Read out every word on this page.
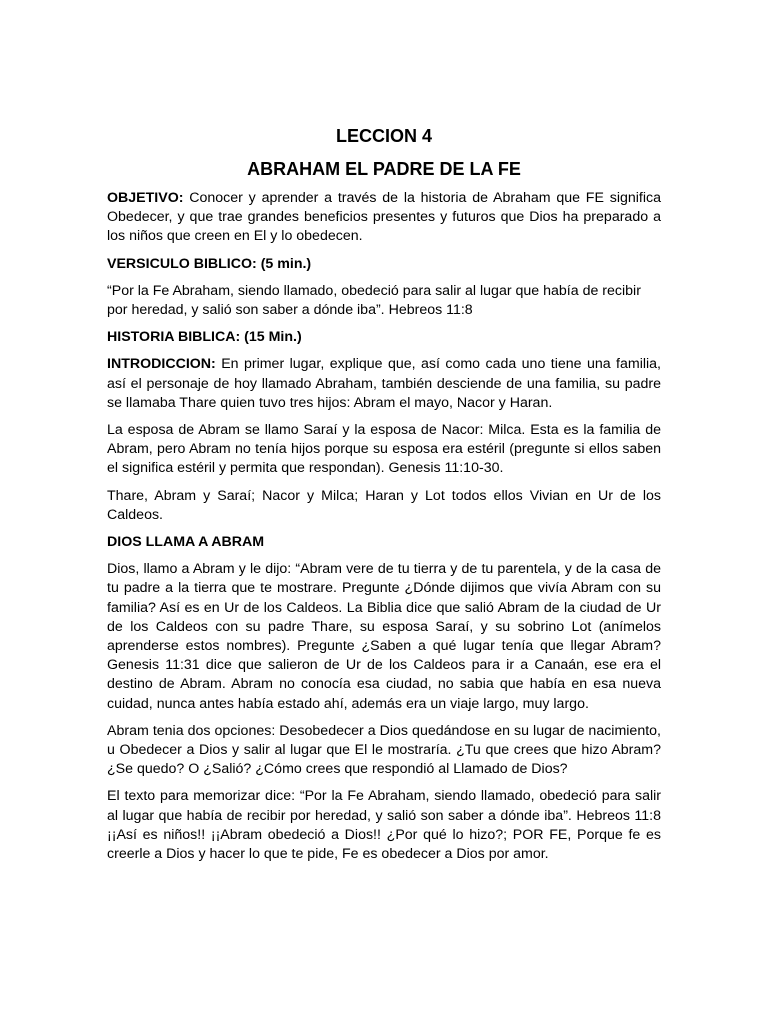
LECCION 4
ABRAHAM EL PADRE DE LA FE

OBJETIVO: Conocer y aprender a través de la historia de Abraham que FE significa Obedecer, y que trae grandes beneficios presentes y futuros que Dios ha preparado a los niños que creen en El y lo obedecen.

VERSICULO BIBLICO: (5 min.)

“Por la Fe Abraham, siendo llamado, obedeció para salir al lugar que había de recibir por heredad, y salió son saber a dónde iba”. Hebreos 11:8

HISTORIA BIBLICA: (15 Min.)

INTRODICCION: En primer lugar, explique que, así como cada uno tiene una familia, así el personaje de hoy llamado Abraham, también desciende de una familia, su padre se llamaba Thare quien tuvo tres hijos: Abram el mayo, Nacor y Haran.

La esposa de Abram se llamo Saraí y la esposa de Nacor: Milca. Esta es la familia de Abram, pero Abram no tenía hijos porque su esposa era estéril (pregunte si ellos saben el significa estéril y permita que respondan). Genesis 11:10-30.

Thare, Abram y Saraí; Nacor y Milca; Haran y Lot todos ellos Vivian en Ur de los Caldeos.

DIOS LLAMA A ABRAM

Dios, llamo a Abram y le dijo: “Abram vere de tu tierra y de tu parentela, y de la casa de tu padre a la tierra que te mostrare. Pregunte ¿Dónde dijimos que vivía Abram con su familia? Así es en Ur de los Caldeos. La Biblia dice que salió Abram de la ciudad de Ur de los Caldeos con su padre Thare, su esposa Saraí, y su sobrino Lot (anímelos aprenderse estos nombres). Pregunte ¿Saben a qué lugar tenía que llegar Abram? Genesis 11:31 dice que salieron de Ur de los Caldeos para ir a Canaán, ese era el destino de Abram. Abram no conocía esa ciudad, no sabia que había en esa nueva cuidad, nunca antes había estado ahí, además era un viaje largo, muy largo.

Abram tenia dos opciones: Desobedecer a Dios quedándose en su lugar de nacimiento, u Obedecer a Dios y salir al lugar que El le mostraría. ¿Tu que crees que hizo Abram? ¿Se quedo? O ¿Salió? ¿Cómo crees que respondió al Llamado de Dios?

El texto para memorizar dice: “Por la Fe Abraham, siendo llamado, obedeció para salir al lugar que había de recibir por heredad, y salió son saber a dónde iba”. Hebreos 11:8 ¡¡Así es niños!! ¡¡Abram obedeció a Dios!! ¿Por qué lo hizo?; POR FE, Porque fe es creerle a Dios y hacer lo que te pide, Fe es obedecer a Dios por amor.
